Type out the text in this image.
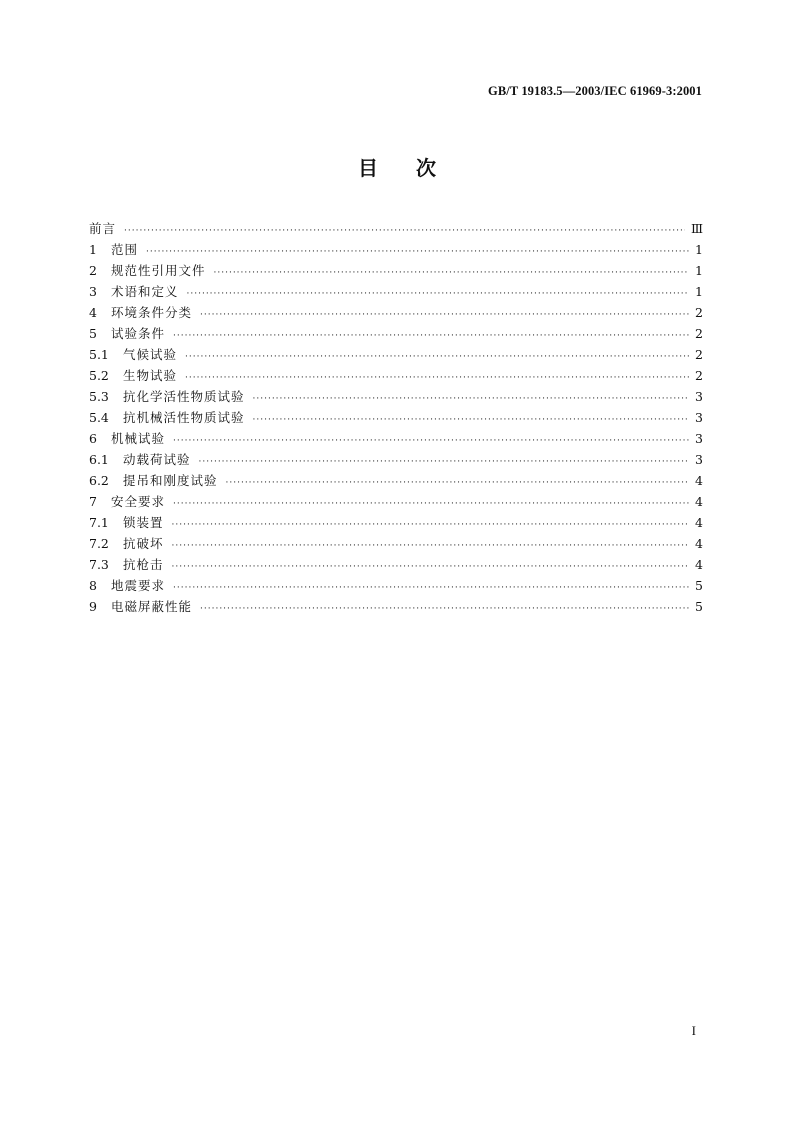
GB/T 19183.5—2003/IEC 61969-3:2001
目 次
前言 ·····	Ⅲ
1	范围 ·····	1
2	规范性引用文件 ·····	1
3	术语和定义 ·····	1
4	环境条件分类 ·····	2
5	试验条件 ·····	2
5.1	气候试验 ·····	2
5.2	生物试验 ·····	2
5.3	抗化学活性物质试验 ·····	3
5.4	抗机械活性物质试验 ·····	3
6	机械试验 ·····	3
6.1	动载荷试验 ·····	3
6.2	提吊和刚度试验 ·····	4
7	安全要求 ·····	4
7.1	锁装置 ·····	4
7.2	抗破坏 ·····	4
7.3	抗枪击 ·····	4
8	地震要求 ·····	5
9	电磁屏蔽性能 ·····	5
I
